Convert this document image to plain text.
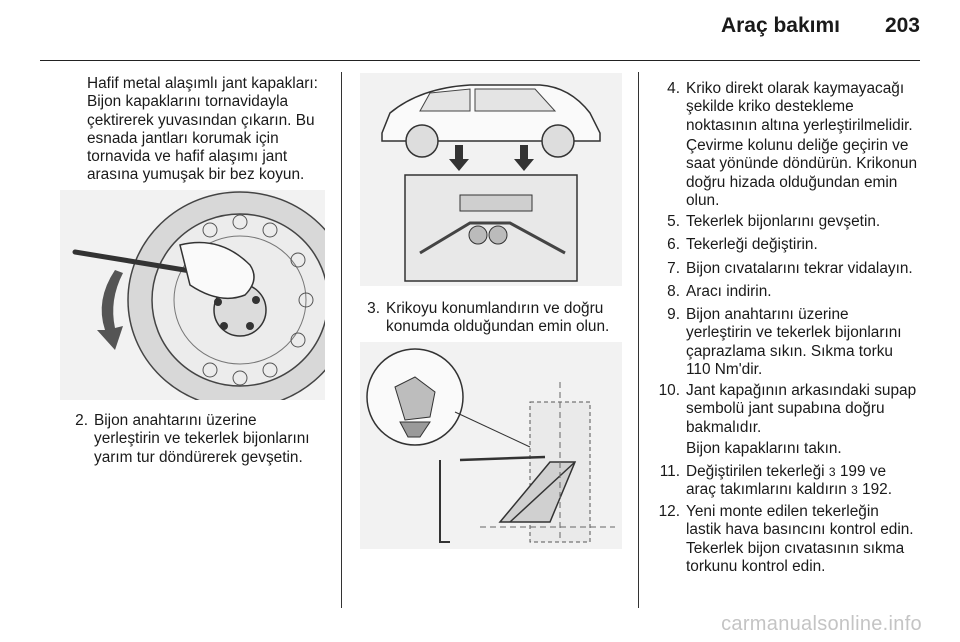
Araç bakımı 203
Hafif metal alaşımlı jant kapakları:
Bijon kapaklarını tornavidayla
çektirerek yuvasından çıkarın. Bu
esnada jantları korumak için
tornavida ve hafif alaşımı jant
arasına yumuşak bir bez koyun.
2. Bijon anahtarını üzerine
yerleştirin ve tekerlek bijonlarını
yarım tur döndürerek gevşetin.
3. Krikoyu konumlandırın ve doğru
konumda olduğundan emin olun.
4. Kriko direkt olarak kaymayacağı
şekilde kriko destekleme
noktasının altına yerleştirilmelidir.
Çevirme kolunu deliğe geçirin ve
saat yönünde döndürün. Krikonun
doğru hizada olduğundan emin
olun.
5. Tekerlek bijonlarını gevşetin.
6. Tekerleği değiştirin.
7. Bijon cıvatalarını tekrar vidalayın.
8. Aracı indirin.
9. Bijon anahtarını üzerine
yerleştirin ve tekerlek bijonlarını
çaprazlama sıkın. Sıkma torku
110 Nm'dir.
10. Jant kapağının arkasındaki supap
sembolü jant supabına doğru
bakmalıdır.
Bijon kapaklarını takın.
11. Değiştirilen tekerleği 3 199 ve
araç takımlarını kaldırın 3 192.
12. Yeni monte edilen tekerleğin
lastik hava basıncını kontrol edin.
Tekerlek bijon cıvatasının sıkma
torkunu kontrol edin.
carmanualsonline.info
